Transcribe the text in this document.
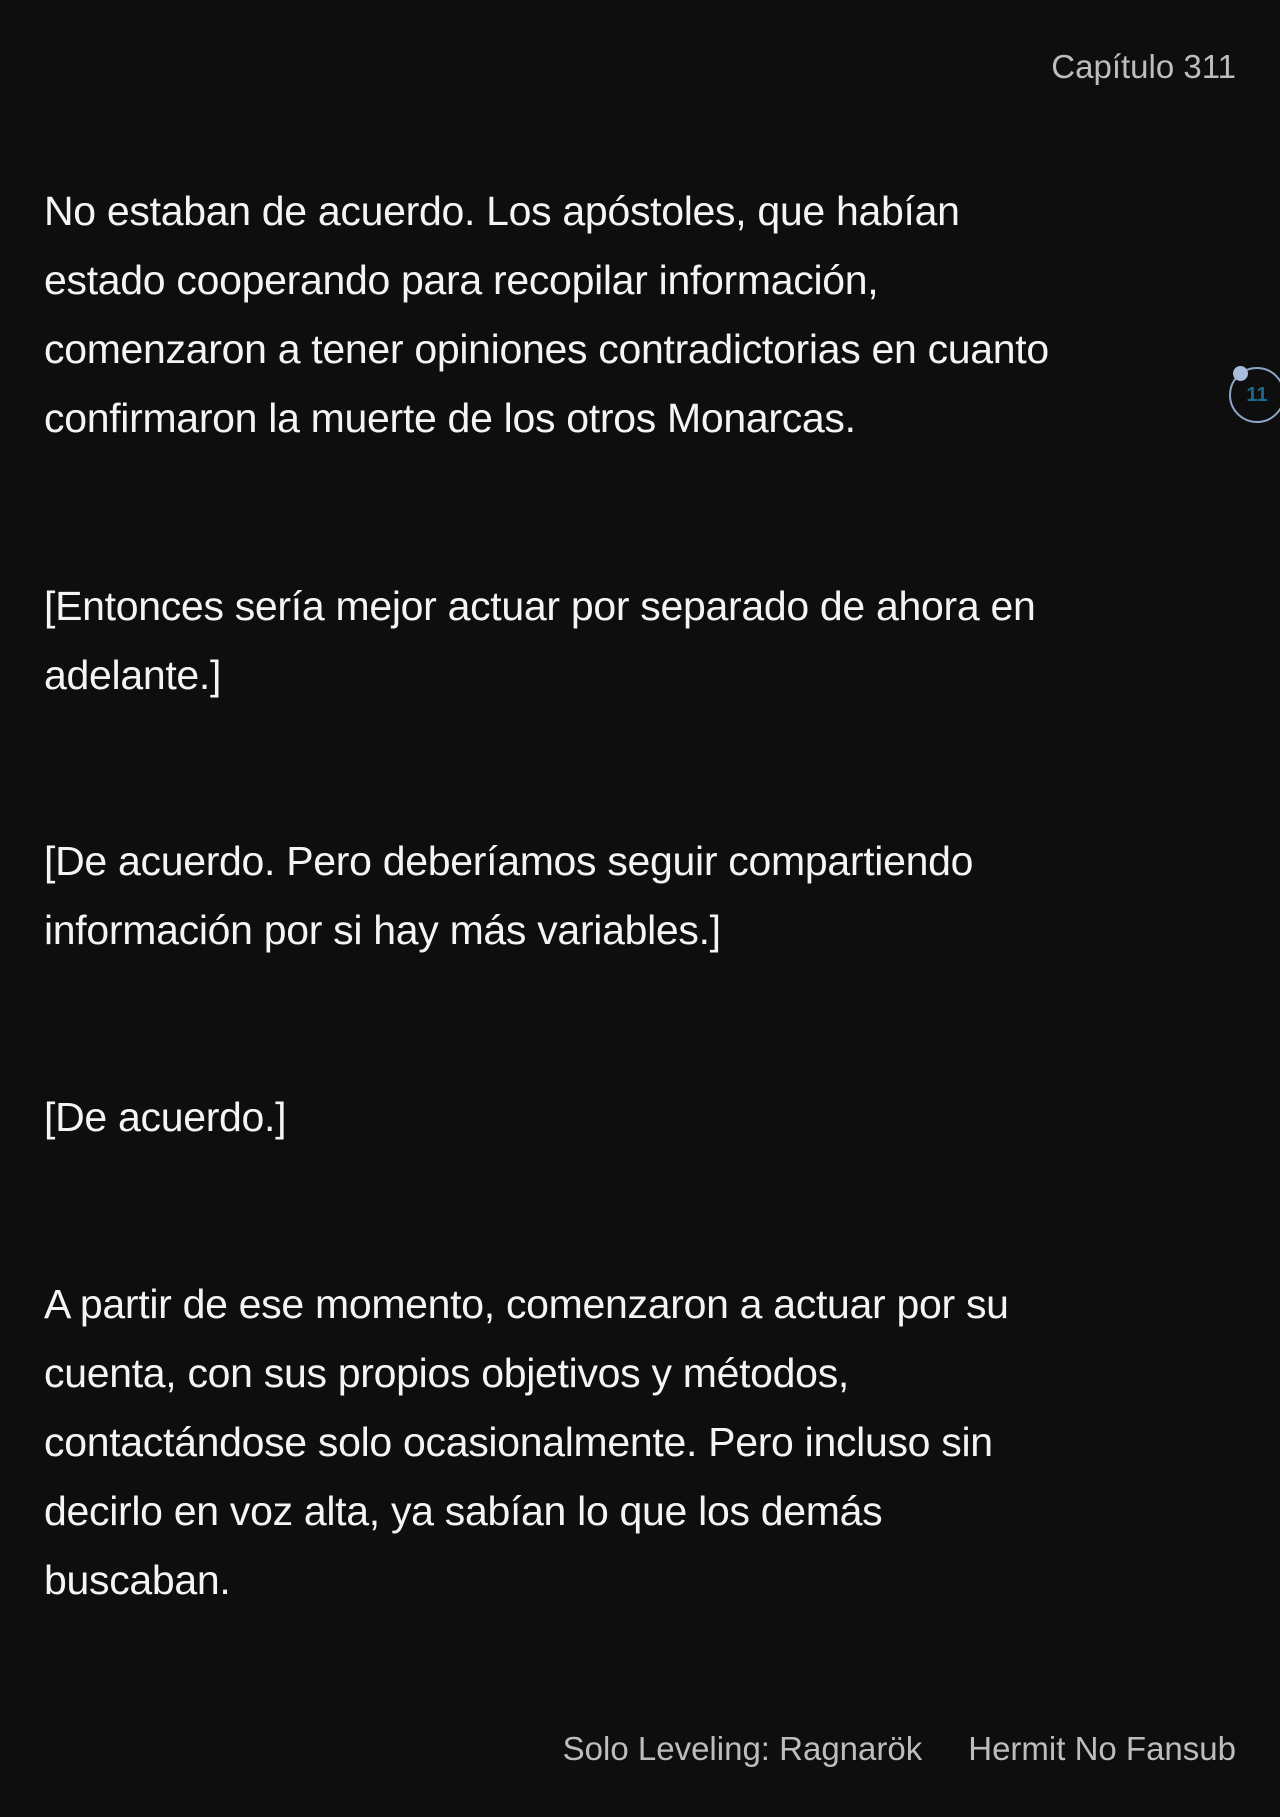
Capítulo 311
No estaban de acuerdo. Los apóstoles, que habían
estado cooperando para recopilar información,
comenzaron a tener opiniones contradictorias en cuanto
confirmaron la muerte de los otros Monarcas.
[Entonces sería mejor actuar por separado de ahora en
adelante.]
[De acuerdo. Pero deberíamos seguir compartiendo
información por si hay más variables.]
[De acuerdo.]
A partir de ese momento, comenzaron a actuar por su
cuenta, con sus propios objetivos y métodos,
contactándose solo ocasionalmente. Pero incluso sin
decirlo en voz alta, ya sabían lo que los demás
buscaban.
11
Solo Leveling: Ragnarök Hermit No Fansub
